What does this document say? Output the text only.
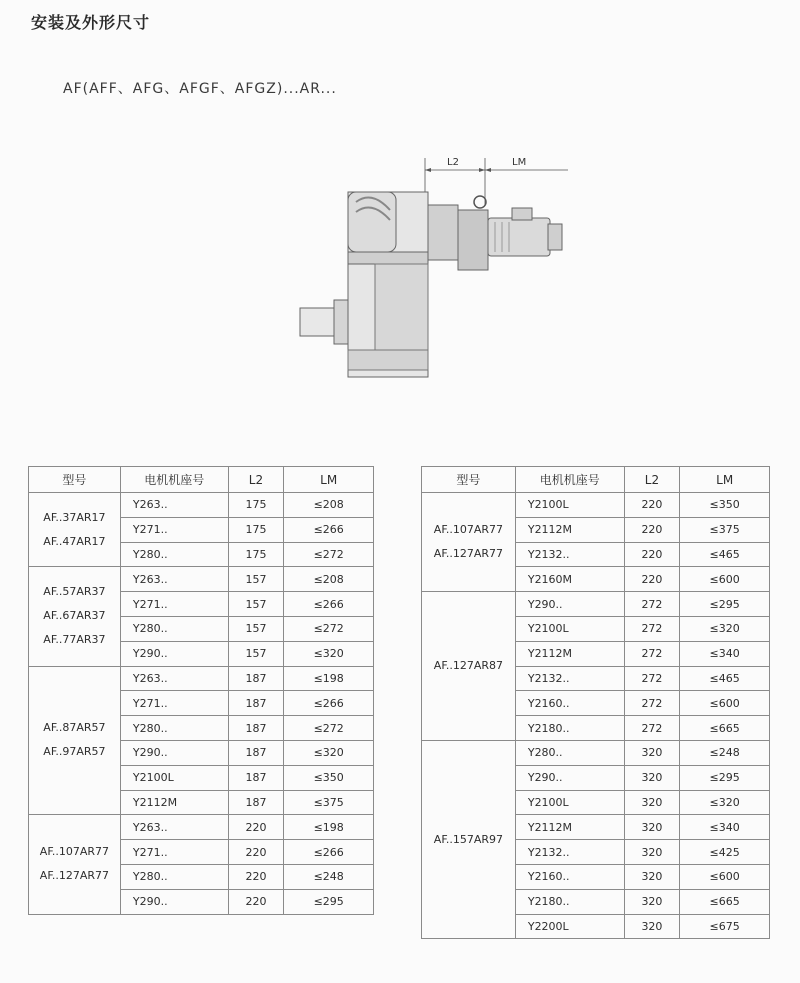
安装及外形尺寸
AF(AFF、AFG、AFGF、AFGZ)...AR...
L2	LM
型号	电机机座号	L2	LM

AF..37AR17
AF..47AR17	Y263..	175	≤208
	Y271..	175	≤266
	Y280..	175	≤272

AF..57AR37
AF..67AR37
AF..77AR37	Y263..	157	≤208
	Y271..	157	≤266
	Y280..	157	≤272
	Y290..	157	≤320

AF..87AR57
AF..97AR57	Y263..	187	≤198
	Y271..	187	≤266
	Y280..	187	≤272
	Y290..	187	≤320
	Y2100L	187	≤350
	Y2112M	187	≤375

AF..107AR77
AF..127AR77	Y263..	220	≤198
	Y271..	220	≤266
	Y280..	220	≤248
	Y290..	220	≤295
型号	电机机座号	L2	LM

AF..107AR77
AF..127AR77	Y2100L	220	≤350
	Y2112M	220	≤375
	Y2132..	220	≤465
	Y2160M	220	≤600

AF..127AR87	Y290..	272	≤295
	Y2100L	272	≤320
	Y2112M	272	≤340
	Y2132..	272	≤465
	Y2160..	272	≤600
	Y2180..	272	≤665

AF..157AR97	Y280..	320	≤248
	Y290..	320	≤295
	Y2100L	320	≤320
	Y2112M	320	≤340
	Y2132..	320	≤425
	Y2160..	320	≤600
	Y2180..	320	≤665
	Y2200L	320	≤675
